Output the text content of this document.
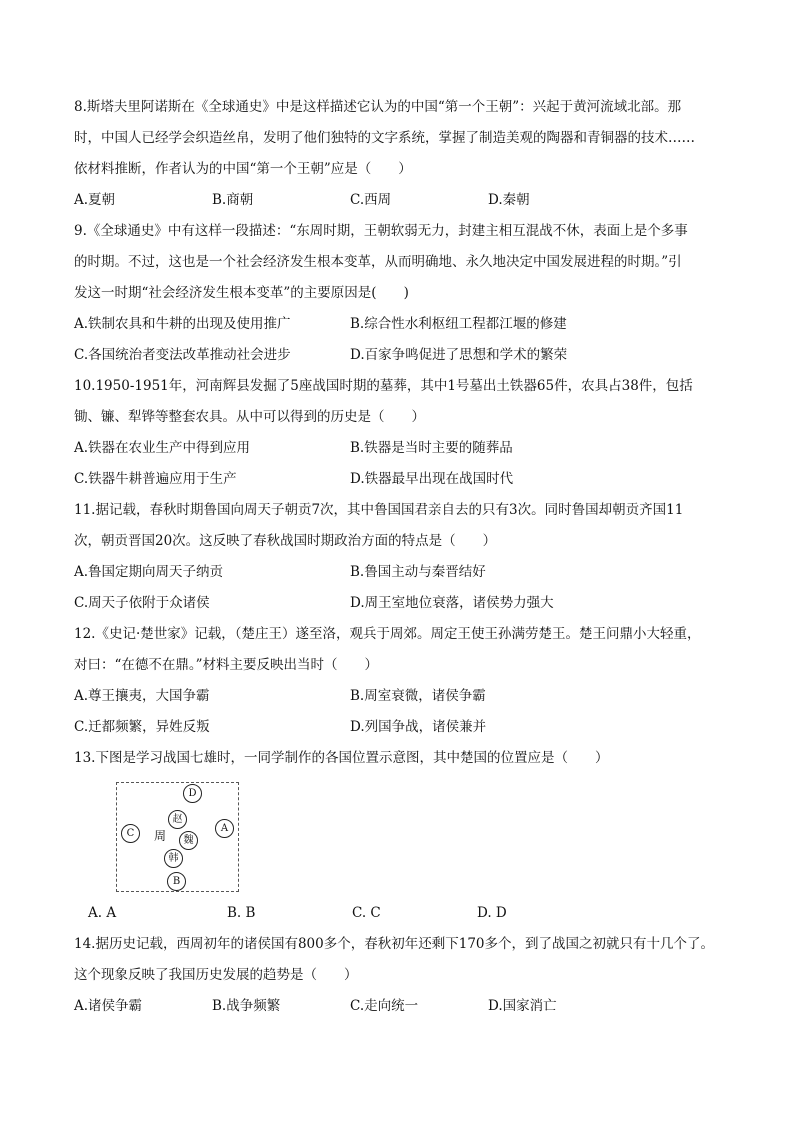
8.斯塔夫里阿诺斯在《全球通史》中是这样描述它认为的中国“第一个王朝”：兴起于黄河流域北部。那
时，中国人已经学会织造丝帛，发明了他们独特的文字系统，掌握了制造美观的陶器和青铜器的技术……
依材料推断，作者认为的中国“第一个王朝”应是（　　）
A.夏朝	B.商朝	C.西周	D.秦朝
9.《全球通史》中有这样一段描述：“东周时期，王朝软弱无力，封建主相互混战不休，表面上是个多事
的时期。不过，这也是一个社会经济发生根本变革，从而明确地、永久地决定中国发展进程的时期。”引
发这一时期“社会经济发生根本变革”的主要原因是(　　)
A.铁制农具和牛耕的出现及使用推广	B.综合性水利枢纽工程都江堰的修建
C.各国统治者变法改革推动社会进步	D.百家争鸣促进了思想和学术的繁荣
10.1950-1951年，河南辉县发掘了5座战国时期的墓葬，其中1号墓出土铁器65件，农具占38件，包括
锄、镰、犁铧等整套农具。从中可以得到的历史是（　　）
A.铁器在农业生产中得到应用	B.铁器是当时主要的随葬品
C.铁器牛耕普遍应用于生产	D.铁器最早出现在战国时代
11.据记载，春秋时期鲁国向周天子朝贡7次，其中鲁国国君亲自去的只有3次。同时鲁国却朝贡齐国11
次，朝贡晋国20次。这反映了春秋战国时期政治方面的特点是（　　）
A.鲁国定期向周天子纳贡	B.鲁国主动与秦晋结好
C.周天子依附于众诸侯	D.周王室地位衰落，诸侯势力强大
12.《史记·楚世家》记载，（楚庄王）遂至洛，观兵于周郊。周定王使王孙满劳楚王。楚王问鼎小大轻重，
对曰：“在德不在鼎。”材料主要反映出当时（　　）
A.尊王攘夷，大国争霸	B.周室衰微，诸侯争霸
C.迁都频繁，异姓反叛	D.列国争战，诸侯兼并
13.下图是学习战国七雄时，一同学制作的各国位置示意图，其中楚国的位置应是（　　）
D
赵
C	A
周	魏
韩
B
A. A	B. B	C. C	D. D
14.据历史记载，西周初年的诸侯国有800多个，春秋初年还剩下170多个，到了战国之初就只有十几个了。
这个现象反映了我国历史发展的趋势是（　　）
A.诸侯争霸	B.战争频繁	C.走向统一	D.国家消亡
